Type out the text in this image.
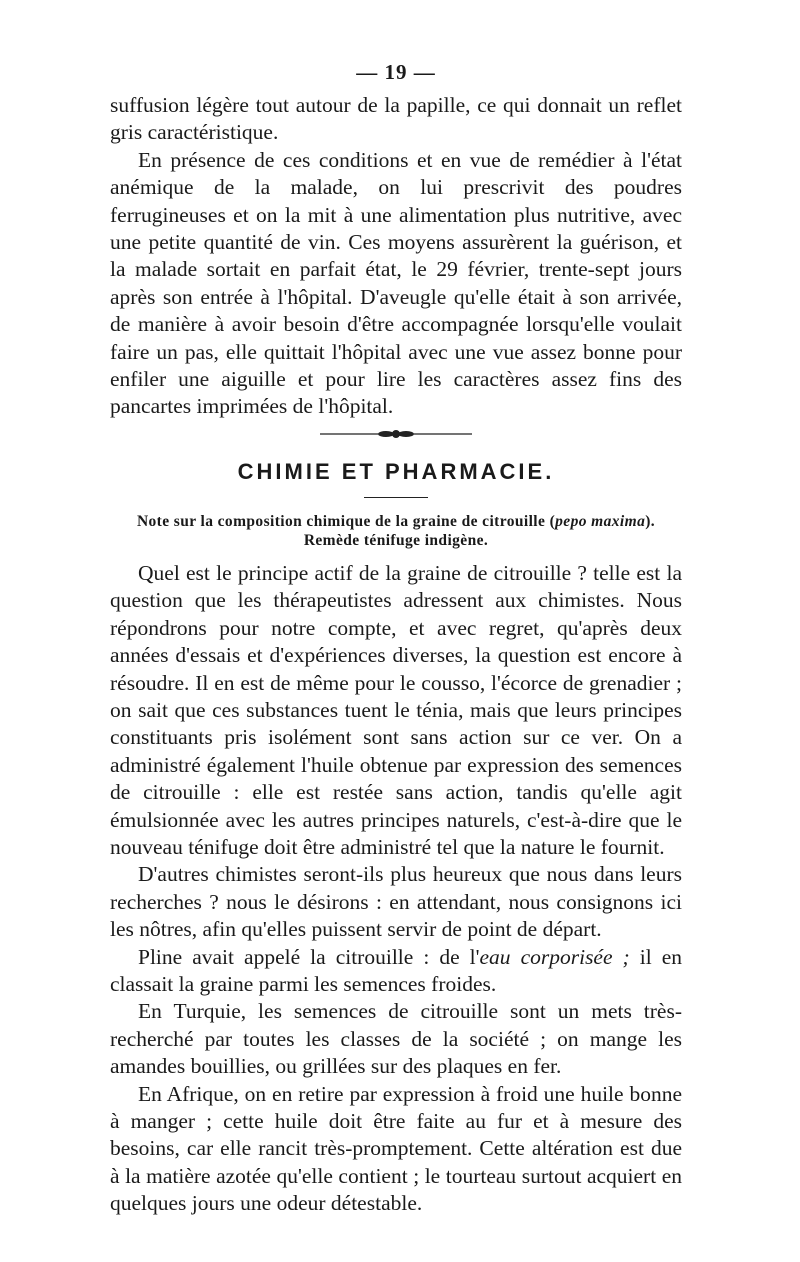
— 19 —

suffusion légère tout autour de la papille, ce qui donnait un reflet gris caractéristique.

En présence de ces conditions et en vue de remédier à l'état anémique de la malade, on lui prescrivit des poudres ferrugineuses et on la mit à une alimentation plus nutritive, avec une petite quantité de vin. Ces moyens assurèrent la guérison, et la malade sortait en parfait état, le 29 février, trente-sept jours après son entrée à l'hôpital. D'aveugle qu'elle était à son arrivée, de manière à avoir besoin d'être accompagnée lorsqu'elle voulait faire un pas, elle quittait l'hôpital avec une vue assez bonne pour enfiler une aiguille et pour lire les caractères assez fins des pancartes imprimées de l'hôpital.

CHIMIE ET PHARMACIE.

Note sur la composition chimique de la graine de citrouille (pepo maxima). Remède ténifuge indigène.

Quel est le principe actif de la graine de citrouille ? telle est la question que les thérapeutistes adressent aux chimistes. Nous répondrons pour notre compte, et avec regret, qu'après deux années d'essais et d'expériences diverses, la question est encore à résoudre. Il en est de même pour le cousso, l'écorce de grenadier ; on sait que ces substances tuent le ténia, mais que leurs principes constituants pris isolément sont sans action sur ce ver. On a administré également l'huile obtenue par expression des semences de citrouille : elle est restée sans action, tandis qu'elle agit émulsionnée avec les autres principes naturels, c'est-à-dire que le nouveau ténifuge doit être administré tel que la nature le fournit.

D'autres chimistes seront-ils plus heureux que nous dans leurs recherches ? nous le désirons : en attendant, nous consignons ici les nôtres, afin qu'elles puissent servir de point de départ.

Pline avait appelé la citrouille : de l'eau corporisée ; il en classait la graine parmi les semences froides.

En Turquie, les semences de citrouille sont un mets très-recherché par toutes les classes de la société ; on mange les amandes bouillies, ou grillées sur des plaques en fer.

En Afrique, on en retire par expression à froid une huile bonne à manger ; cette huile doit être faite au fur et à mesure des besoins, car elle rancit très-promptement. Cette altération est due à la matière azotée qu'elle contient ; le tourteau surtout acquiert en quelques jours une odeur détestable.
